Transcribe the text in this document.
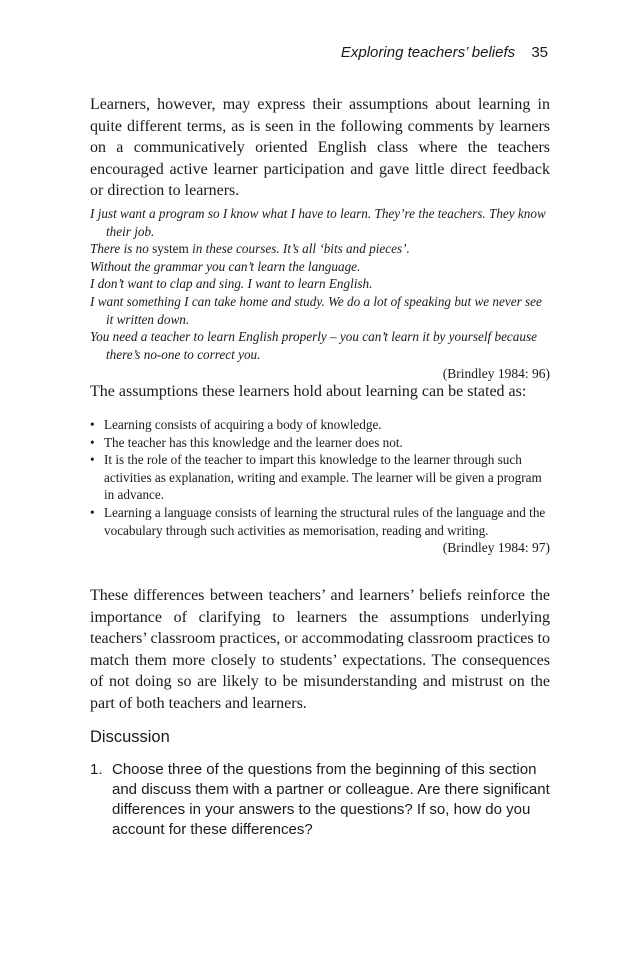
Exploring teachers’ beliefs 35

Learners, however, may express their assumptions about learning in quite different terms, as is seen in the following comments by learners on a communicatively oriented English class where the teachers encouraged active learner participation and gave little direct feedback or direction to learners.

I just want a program so I know what I have to learn. They’re the teachers. They know their job.
There is no system in these courses. It’s all ‘bits and pieces’.
Without the grammar you can’t learn the language.
I don’t want to clap and sing. I want to learn English.
I want something I can take home and study. We do a lot of speaking but we never see it written down.
You need a teacher to learn English properly – you can’t learn it by yourself because there’s no-one to correct you.
(Brindley 1984: 96)

The assumptions these learners hold about learning can be stated as:

• Learning consists of acquiring a body of knowledge.
• The teacher has this knowledge and the learner does not.
• It is the role of the teacher to impart this knowledge to the learner through such activities as explanation, writing and example. The learner will be given a program in advance.
• Learning a language consists of learning the structural rules of the language and the vocabulary through such activities as memorisation, reading and writing.
(Brindley 1984: 97)

These differences between teachers’ and learners’ beliefs reinforce the importance of clarifying to learners the assumptions underlying teachers’ classroom practices, or accommodating classroom practices to match them more closely to students’ expectations. The consequences of not doing so are likely to be misunderstanding and mistrust on the part of both teachers and learners.

Discussion
1. Choose three of the questions from the beginning of this section and discuss them with a partner or colleague. Are there significant differences in your answers to the questions? If so, how do you account for these differences?
